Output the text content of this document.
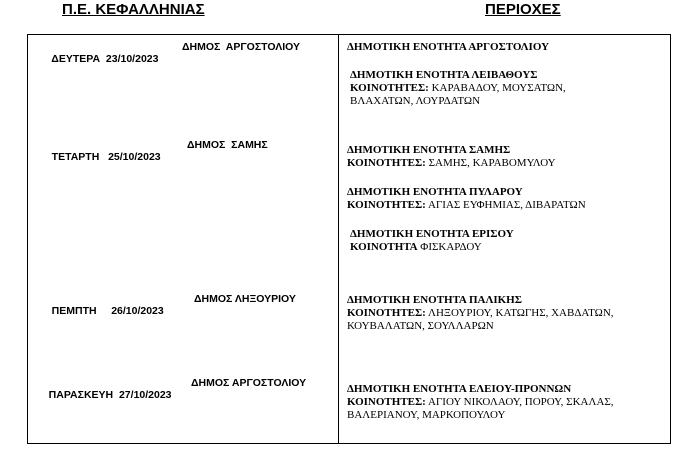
Π.Ε. ΚΕΦΑΛΛΗΝΙΑΣ	ΠΕΡΙΟΧΕΣ

ΔΕΥΤΕΡΑ 23/10/2023

ΔΗΜΟΣ  ΑΡΓΟΣΤΟΛΙΟΥ

ΤΕΤΑΡΤΗ 25/10/2023

ΔΗΜΟΣ  ΣΑΜΗΣ

ΠΕΜΠΤΗ 26/10/2023

ΔΗΜΟΣ ΛΗΞΟΥΡΙΟΥ

ΠΑΡΑΣΚΕΥΗ 27/10/2023

ΔΗΜΟΣ ΑΡΓΟΣΤΟΛΙΟΥ
ΔΗΜΟΤΙΚΗ ΕΝΟΤΗΤΑ ΑΡΓΟΣΤΟΛΙΟΥ
ΔΗΜΟΤΙΚΗ ΕΝΟΤΗΤΑ ΛΕΙΒΑΘΟΥΣ
ΚΟΙΝΟΤΗΤΕΣ: ΚΑΡΑΒΑΔΟΥ, ΜΟΥΣΑΤΩΝ,
ΒΛΑΧΑΤΩΝ, ΛΟΥΡΔΑΤΩΝ
ΔΗΜΟΤΙΚΗ ΕΝΟΤΗΤΑ ΣΑΜΗΣ
ΚΟΙΝΟΤΗΤΕΣ: ΣΑΜΗΣ, ΚΑΡΑΒΟΜΥΛΟΥ
ΔΗΜΟΤΙΚΗ ΕΝΟΤΗΤΑ ΠΥΛΑΡΟΥ
ΚΟΙΝΟΤΗΤΕΣ: ΑΓΙΑΣ ΕΥΦΗΜΙΑΣ, ΔΙΒΑΡΑΤΩΝ
ΔΗΜΟΤΙΚΗ ΕΝΟΤΗΤΑ ΕΡΙΣΟΥ
ΚΟΙΝΟΤΗΤΑ ΦΙΣΚΑΡΔΟΥ
ΔΗΜΟΤΙΚΗ ΕΝΟΤΗΤΑ ΠΑΛΙΚΗΣ
ΚΟΙΝΟΤΗΤΕΣ: ΛΗΞΟΥΡΙΟΥ, ΚΑΤΩΓΗΣ, ΧΑΒΔΑΤΩΝ,
ΚΟΥΒΑΛΑΤΩΝ, ΣΟΥΛΛΑΡΩΝ
ΔΗΜΟΤΙΚΗ ΕΝΟΤΗΤΑ ΕΛΕΙΟΥ-ΠΡΟΝΝΩΝ
ΚΟΙΝΟΤΗΤΕΣ: ΑΓΙΟΥ ΝΙΚΟΛΑΟΥ, ΠΟΡΟΥ, ΣΚΑΛΑΣ,
ΒΑΛΕΡΙΑΝΟΥ, ΜΑΡΚΟΠΟΥΛΟΥ
